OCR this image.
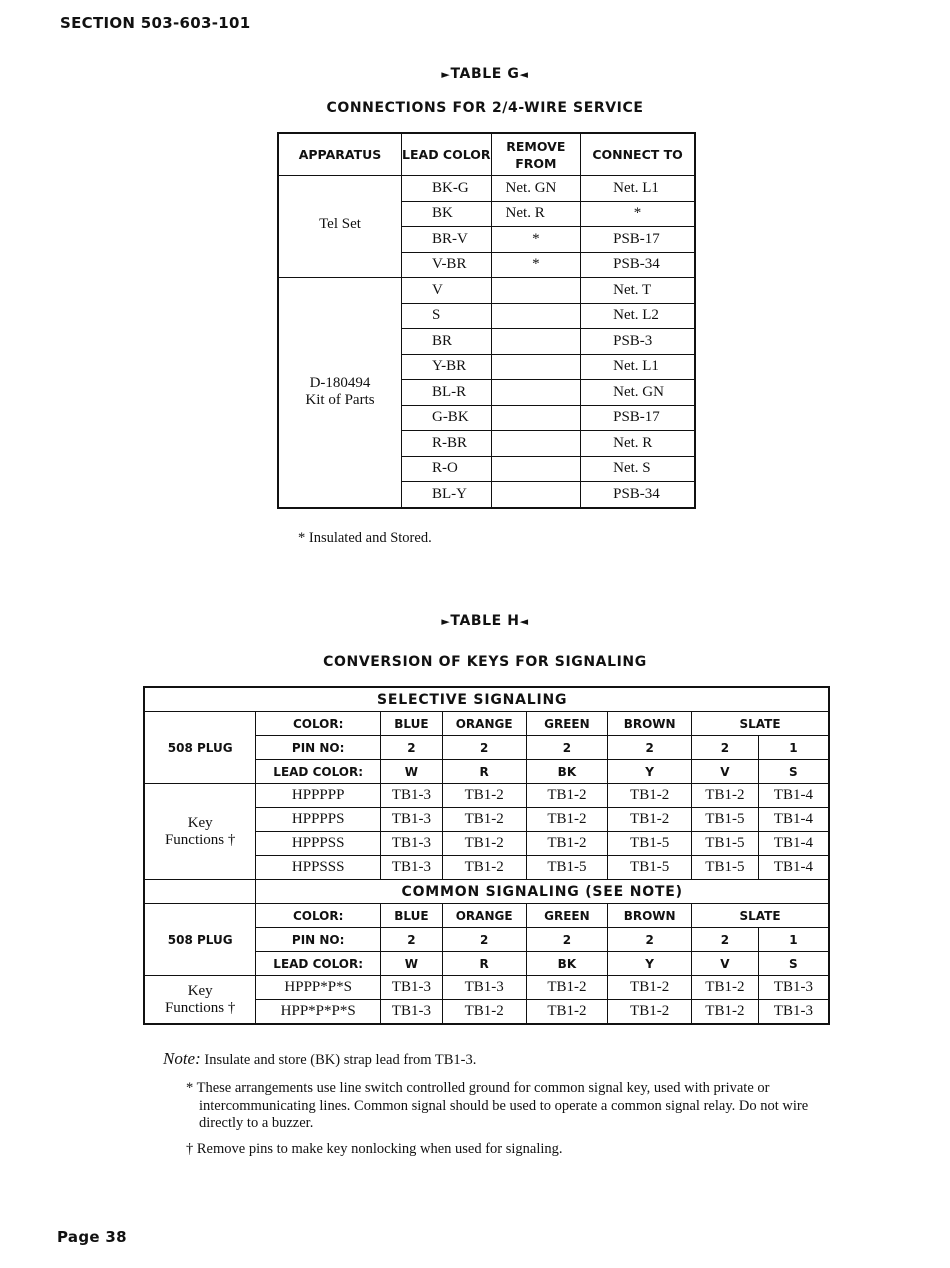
SECTION 503-603-101
►TABLE G◄
CONNECTIONS FOR 2/4-WIRE SERVICE
APPARATUS	LEAD COLOR	REMOVE FROM	CONNECT TO
Tel Set	BK-G	Net. GN	Net. L1
	BK	Net. R	*
	BR-V	*	PSB-17
	V-BR	*	PSB-34
D-180494 Kit of Parts	V		Net. T
	S		Net. L2
	BR		PSB-3
	Y-BR		Net. L1
	BL-R		Net. GN
	G-BK		PSB-17
	R-BR		Net. R
	R-O		Net. S
	BL-Y		PSB-34
* Insulated and Stored.
►TABLE H◄
CONVERSION OF KEYS FOR SIGNALING
SELECTIVE SIGNALING							
508 PLUG	COLOR:	BLUE	ORANGE	GREEN	BROWN	SLATE	
	PIN NO:	2	2	2	2	2	1
	LEAD COLOR:	W	R	BK	Y	V	S
Key Functions †	HPPPPP	TB1-3	TB1-2	TB1-2	TB1-2	TB1-2	TB1-4
	HPPPPS	TB1-3	TB1-2	TB1-2	TB1-2	TB1-5	TB1-4
	HPPPSS	TB1-3	TB1-2	TB1-2	TB1-5	TB1-5	TB1-4
	HPPSSS	TB1-3	TB1-2	TB1-5	TB1-5	TB1-5	TB1-4
	COMMON SIGNALING (SEE NOTE)						
508 PLUG	COLOR:	BLUE	ORANGE	GREEN	BROWN	SLATE	
	PIN NO:	2	2	2	2	2	1
	LEAD COLOR:	W	R	BK	Y	V	S
Key Functions †	HPPP*P*S	TB1-3	TB1-3	TB1-2	TB1-2	TB1-2	TB1-3
	HPP*P*P*S	TB1-3	TB1-2	TB1-2	TB1-2	TB1-2	TB1-3
Note: Insulate and store (BK) strap lead from TB1-3.
* These arrangements use line switch controlled ground for common signal key, used with private or intercommunicating lines. Common signal should be used to operate a common signal relay. Do not wire directly to a buzzer.
† Remove pins to make key nonlocking when used for signaling.
Page 38
